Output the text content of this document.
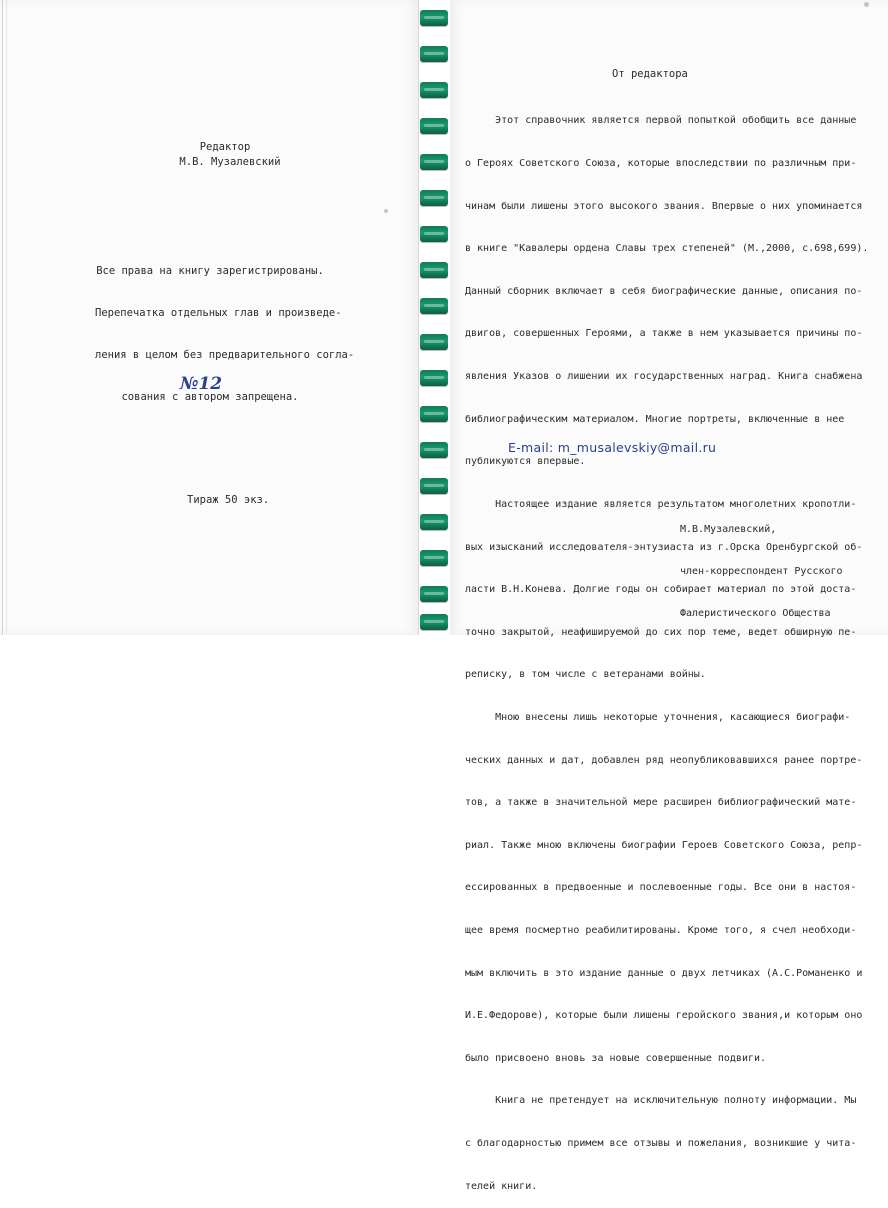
Редактор
М.В. Музалевский

Все права на книгу зарегистрированы.

Перепечатка отдельных глав и произведе-

ления в целом без предварительного согла-

сования с автором запрещена.

№12
Тираж 50 экз.
От редактора

Этот справочник является первой попыткой обобщить все данные

о Героях Советского Союза, которые впоследствии по различным при-

чинам были лишены этого высокого звания. Впервые о них упоминается

в книге "Кавалеры ордена Славы трех степеней" (М.,2000, с.698,699).

Данный сборник включает в себя биографические данные, описания по-

двигов, совершенных Героями, а также в нем указывается причины по-

явления Указов о лишении их государственных наград. Книга снабжена

библиографическим материалом. Многие портреты, включенные в нее

публикуются впервые.

Настоящее издание является результатом многолетних кропотли-

вых изысканий исследователя-энтузиаста из г.Орска Оренбургской об-

ласти В.Н.Конева. Долгие годы он собирает материал по этой доста-

точно закрытой, неафишируемой до сих пор теме, ведет обширную пе-

реписку, в том числе с ветеранами войны.

Мною внесены лишь некоторые уточнения, касающиеся биографи-

ческих данных и дат, добавлен ряд неопубликовавшихся ранее портре-

тов, а также в значительной мере расширен библиографический мате-

риал. Также мною включены биографии Героев Советского Союза, репр-

ессированных в предвоенные и послевоенные годы. Все они в настоя-

щее время посмертно реабилитированы. Кроме того, я счел необходи-

мым включить в это издание данные о двух летчиках (А.С.Романенко и

И.Е.Федорове), которые были лишены геройского звания,и которым оно

было присвоено вновь за новые совершенные подвиги.

Книга не претендует на исключительную полноту информации. Мы

с благодарностью примем все отзывы и пожелания, возникшие у чита-

телей книги.

E-mail: m_musalevskiy@mail.ru

М.В.Музалевский,

член-корреспондент Русского

Фалеристического Общества
